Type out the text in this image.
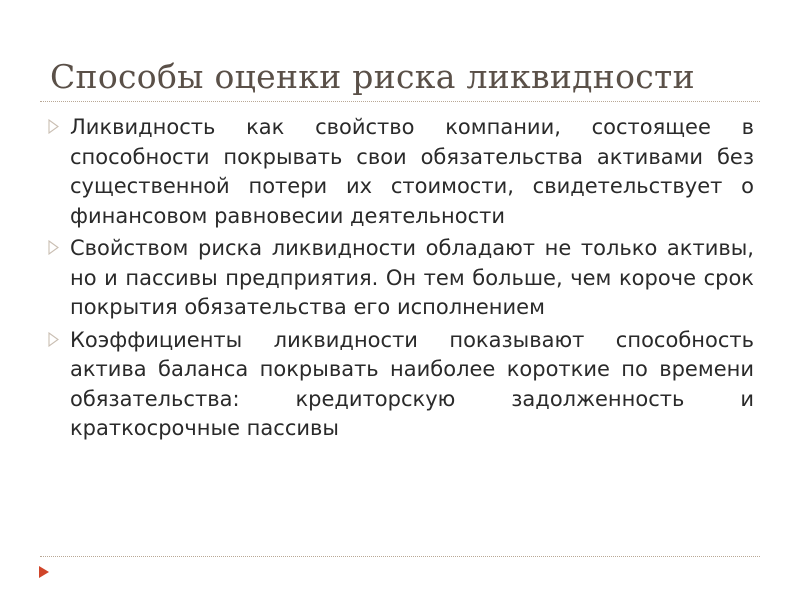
Способы оценки риска ликвидности
Ликвидность как свойство компании, состоящее в способности покрывать свои обязательства активами без существенной потери их стоимости, свидетельствует о финансовом равновесии деятельности
Свойством риска ликвидности обладают не только активы, но и пассивы предприятия. Он тем больше, чем короче срок покрытия обязательства его исполнением
Коэффициенты ликвидности показывают способность актива баланса покрывать наиболее короткие по времени обязательства: кредиторскую задолженность и краткосрочные пассивы
